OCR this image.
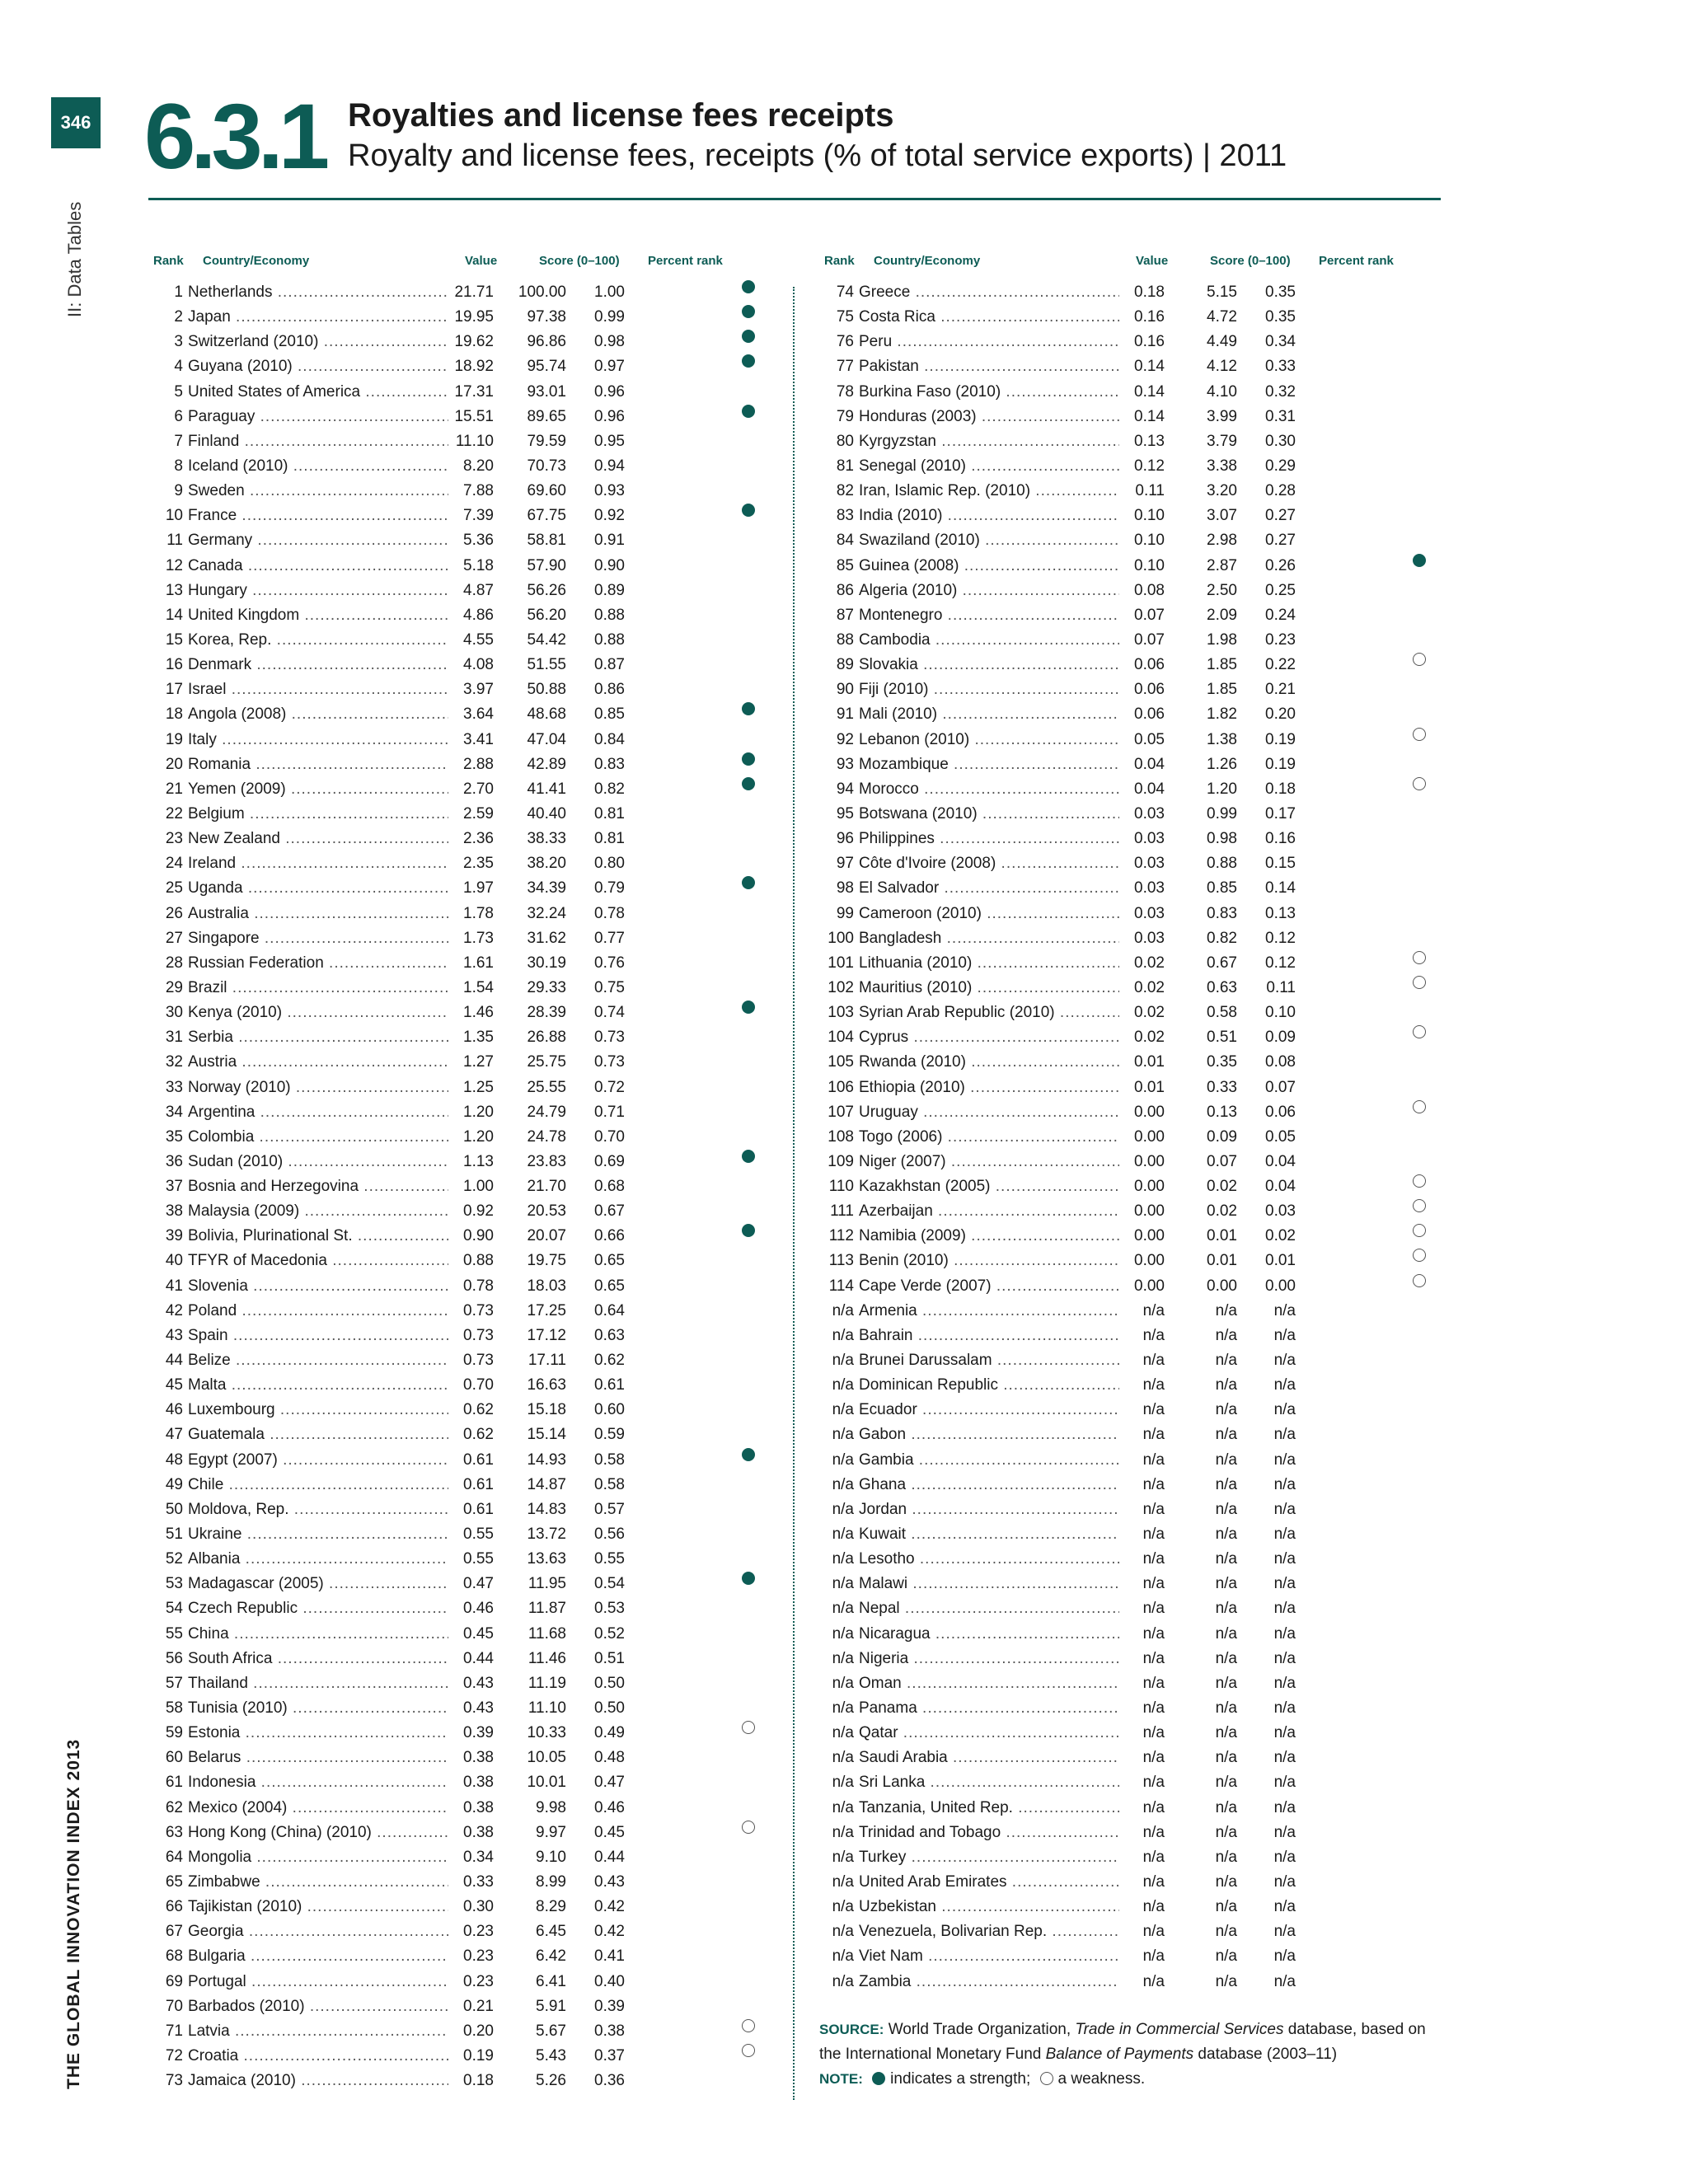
346 6.3.1 Royalties and license fees receipts
Royalty and license fees, receipts (% of total service exports) | 2011
II: Data Tables
THE GLOBAL INNOVATION INDEX 2013
Rank Country/Economy	Value	Score (0–100) Percent rank	Rank Country/Economy	Value	Score (0–100) Percent rank
1 Netherlands .....	21.71	100.00	1.00
2 Japan .....	19.95	97.38	0.99
3 Switzerland (2010) .....	19.62	96.86	0.98
4 Guyana (2010) .....	18.92	95.74	0.97
5 United States of America .....	17.31	93.01	0.96
6 Paraguay .....	15.51	89.65	0.96
7 Finland .....	11.10	79.59	0.95
8 Iceland (2010) .....	8.20	70.73	0.94
9 Sweden .....	7.88	69.60	0.93
10 France .....	7.39	67.75	0.92
11 Germany .....	5.36	58.81	0.91
12 Canada .....	5.18	57.90	0.90
13 Hungary .....	4.87	56.26	0.89
14 United Kingdom .....	4.86	56.20	0.88
15 Korea, Rep. .....	4.55	54.42	0.88
16 Denmark .....	4.08	51.55	0.87
17 Israel .....	3.97	50.88	0.86
18 Angola (2008) .....	3.64	48.68	0.85
19 Italy .....	3.41	47.04	0.84
20 Romania .....	2.88	42.89	0.83
21 Yemen (2009) .....	2.70	41.41	0.82
22 Belgium .....	2.59	40.40	0.81
23 New Zealand .....	2.36	38.33	0.81
24 Ireland .....	2.35	38.20	0.80
25 Uganda .....	1.97	34.39	0.79
26 Australia .....	1.78	32.24	0.78
27 Singapore .....	1.73	31.62	0.77
28 Russian Federation .....	1.61	30.19	0.76
29 Brazil .....	1.54	29.33	0.75
30 Kenya (2010) .....	1.46	28.39	0.74
31 Serbia .....	1.35	26.88	0.73
32 Austria .....	1.27	25.75	0.73
33 Norway (2010) .....	1.25	25.55	0.72
34 Argentina .....	1.20	24.79	0.71
35 Colombia .....	1.20	24.78	0.70
36 Sudan (2010) .....	1.13	23.83	0.69
37 Bosnia and Herzegovina .....	1.00	21.70	0.68
38 Malaysia (2009) .....	0.92	20.53	0.67
39 Bolivia, Plurinational St. .....	0.90	20.07	0.66
40 TFYR of Macedonia .....	0.88	19.75	0.65
41 Slovenia .....	0.78	18.03	0.65
42 Poland .....	0.73	17.25	0.64
43 Spain .....	0.73	17.12	0.63
44 Belize .....	0.73	17.11	0.62
45 Malta .....	0.70	16.63	0.61
46 Luxembourg .....	0.62	15.18	0.60
47 Guatemala .....	0.62	15.14	0.59
48 Egypt (2007) .....	0.61	14.93	0.58
49 Chile .....	0.61	14.87	0.58
50 Moldova, Rep. .....	0.61	14.83	0.57
51 Ukraine .....	0.55	13.72	0.56
52 Albania .....	0.55	13.63	0.55
53 Madagascar (2005) .....	0.47	11.95	0.54
54 Czech Republic .....	0.46	11.87	0.53
55 China .....	0.45	11.68	0.52
56 South Africa .....	0.44	11.46	0.51
57 Thailand .....	0.43	11.19	0.50
58 Tunisia (2010) .....	0.43	11.10	0.50
59 Estonia .....	0.39	10.33	0.49
60 Belarus .....	0.38	10.05	0.48
61 Indonesia .....	0.38	10.01	0.47
62 Mexico (2004) .....	0.38	9.98	0.46
63 Hong Kong (China) (2010) .....	0.38	9.97	0.45
64 Mongolia .....	0.34	9.10	0.44
65 Zimbabwe .....	0.33	8.99	0.43
66 Tajikistan (2010) .....	0.30	8.29	0.42
67 Georgia .....	0.23	6.45	0.42
68 Bulgaria .....	0.23	6.42	0.41
69 Portugal .....	0.23	6.41	0.40
70 Barbados (2010) .....	0.21	5.91	0.39
71 Latvia .....	0.20	5.67	0.38
72 Croatia .....	0.19	5.43	0.37
73 Jamaica (2010) .....	0.18	5.26	0.36
74 Greece .....	0.18	5.15	0.35
75 Costa Rica .....	0.16	4.72	0.35
76 Peru .....	0.16	4.49	0.34
77 Pakistan .....	0.14	4.12	0.33
78 Burkina Faso (2010) .....	0.14	4.10	0.32
79 Honduras (2003) .....	0.14	3.99	0.31
80 Kyrgyzstan .....	0.13	3.79	0.30
81 Senegal (2010) .....	0.12	3.38	0.29
82 Iran, Islamic Rep. (2010) .....	0.11	3.20	0.28
83 India (2010) .....	0.10	3.07	0.27
84 Swaziland (2010) .....	0.10	2.98	0.27
85 Guinea (2008) .....	0.10	2.87	0.26
86 Algeria (2010) .....	0.08	2.50	0.25
87 Montenegro .....	0.07	2.09	0.24
88 Cambodia .....	0.07	1.98	0.23
89 Slovakia .....	0.06	1.85	0.22
90 Fiji (2010) .....	0.06	1.85	0.21
91 Mali (2010) .....	0.06	1.82	0.20
92 Lebanon (2010) .....	0.05	1.38	0.19
93 Mozambique .....	0.04	1.26	0.19
94 Morocco .....	0.04	1.20	0.18
95 Botswana (2010) .....	0.03	0.99	0.17
96 Philippines .....	0.03	0.98	0.16
97 Côte d'Ivoire (2008) .....	0.03	0.88	0.15
98 El Salvador .....	0.03	0.85	0.14
99 Cameroon (2010) .....	0.03	0.83	0.13
100 Bangladesh .....	0.03	0.82	0.12
101 Lithuania (2010) .....	0.02	0.67	0.12
102 Mauritius (2010) .....	0.02	0.63	0.11
103 Syrian Arab Republic (2010) .....	0.02	0.58	0.10
104 Cyprus .....	0.02	0.51	0.09
105 Rwanda (2010) .....	0.01	0.35	0.08
106 Ethiopia (2010) .....	0.01	0.33	0.07
107 Uruguay .....	0.00	0.13	0.06
108 Togo (2006) .....	0.00	0.09	0.05
109 Niger (2007) .....	0.00	0.07	0.04
110 Kazakhstan (2005) .....	0.00	0.02	0.04
111 Azerbaijan .....	0.00	0.02	0.03
112 Namibia (2009) .....	0.00	0.01	0.02
113 Benin (2010) .....	0.00	0.01	0.01
114 Cape Verde (2007) .....	0.00	0.00	0.00
n/a Armenia .....	n/a	n/a	n/a
n/a Bahrain .....	n/a	n/a	n/a
n/a Brunei Darussalam .....	n/a	n/a	n/a
n/a Dominican Republic .....	n/a	n/a	n/a
n/a Ecuador .....	n/a	n/a	n/a
n/a Gabon .....	n/a	n/a	n/a
n/a Gambia .....	n/a	n/a	n/a
n/a Ghana .....	n/a	n/a	n/a
n/a Jordan .....	n/a	n/a	n/a
n/a Kuwait .....	n/a	n/a	n/a
n/a Lesotho .....	n/a	n/a	n/a
n/a Malawi .....	n/a	n/a	n/a
n/a Nepal .....	n/a	n/a	n/a
n/a Nicaragua .....	n/a	n/a	n/a
n/a Nigeria .....	n/a	n/a	n/a
n/a Oman .....	n/a	n/a	n/a
n/a Panama .....	n/a	n/a	n/a
n/a Qatar .....	n/a	n/a	n/a
n/a Saudi Arabia .....	n/a	n/a	n/a
n/a Sri Lanka .....	n/a	n/a	n/a
n/a Tanzania, United Rep. .....	n/a	n/a	n/a
n/a Trinidad and Tobago .....	n/a	n/a	n/a
n/a Turkey .....	n/a	n/a	n/a
n/a United Arab Emirates .....	n/a	n/a	n/a
n/a Uzbekistan .....	n/a	n/a	n/a
n/a Venezuela, Bolivarian Rep. .....	n/a	n/a	n/a
n/a Viet Nam .....	n/a	n/a	n/a
n/a Zambia .....	n/a	n/a	n/a
SOURCE: World Trade Organization, Trade in Commercial Services database, based on the International Monetary Fund Balance of Payments database (2003–11)
NOTE: indicates a strength; a weakness.
